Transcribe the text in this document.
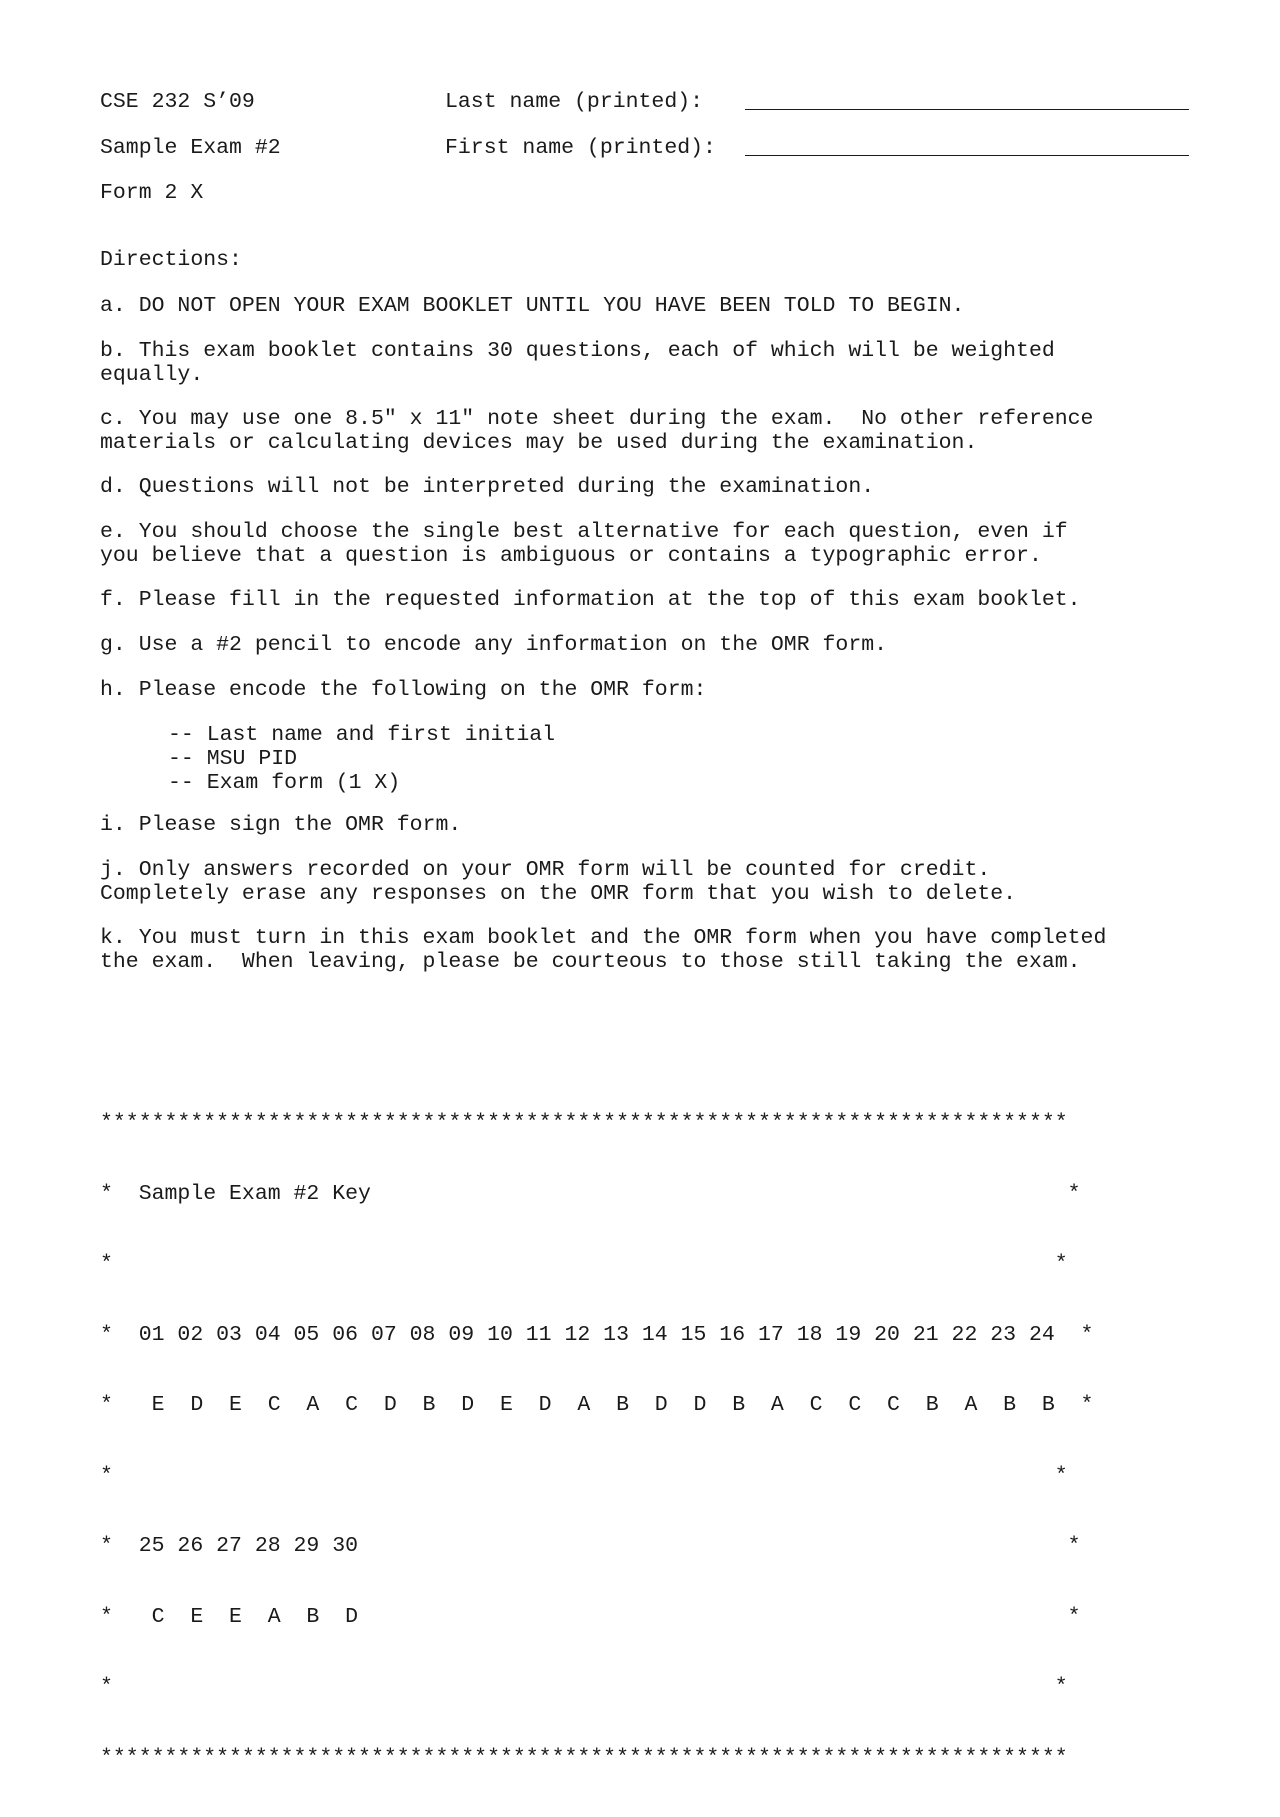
CSE 232 S’09	Last name (printed):
Sample Exam #2	First name (printed):
Form 2 X
Directions:
a. DO NOT OPEN YOUR EXAM BOOKLET UNTIL YOU HAVE BEEN TOLD TO BEGIN.
b. This exam booklet contains 30 questions, each of which will be weighted
equally.
c. You may use one 8.5" x 11" note sheet during the exam.  No other reference
materials or calculating devices may be used during the examination.
d. Questions will not be interpreted during the examination.
e. You should choose the single best alternative for each question, even if
you believe that a question is ambiguous or contains a typographic error.
f. Please fill in the requested information at the top of this exam booklet.
g. Use a #2 pencil to encode any information on the OMR form.
h. Please encode the following on the OMR form:
-- Last name and first initial
-- MSU PID
-- Exam form (1 X)
i. Please sign the OMR form.
j. Only answers recorded on your OMR form will be counted for credit.
Completely erase any responses on the OMR form that you wish to delete.
k. You must turn in this exam booklet and the OMR form when you have completed
the exam.  When leaving, please be courteous to those still taking the exam.

***************************************************************************

*  Sample Exam #2 Key                                                      *

*                                                                         *

*  01 02 03 04 05 06 07 08 09 10 11 12 13 14 15 16 17 18 19 20 21 22 23 24  *

*   E  D  E  C  A  C  D  B  D  E  D  A  B  D  D  B  A  C  C  C  B  A  B  B  *

*                                                                         *

*  25 26 27 28 29 30                                                       *

*   C  E  E  A  B  D                                                       *

*                                                                         *

***************************************************************************
